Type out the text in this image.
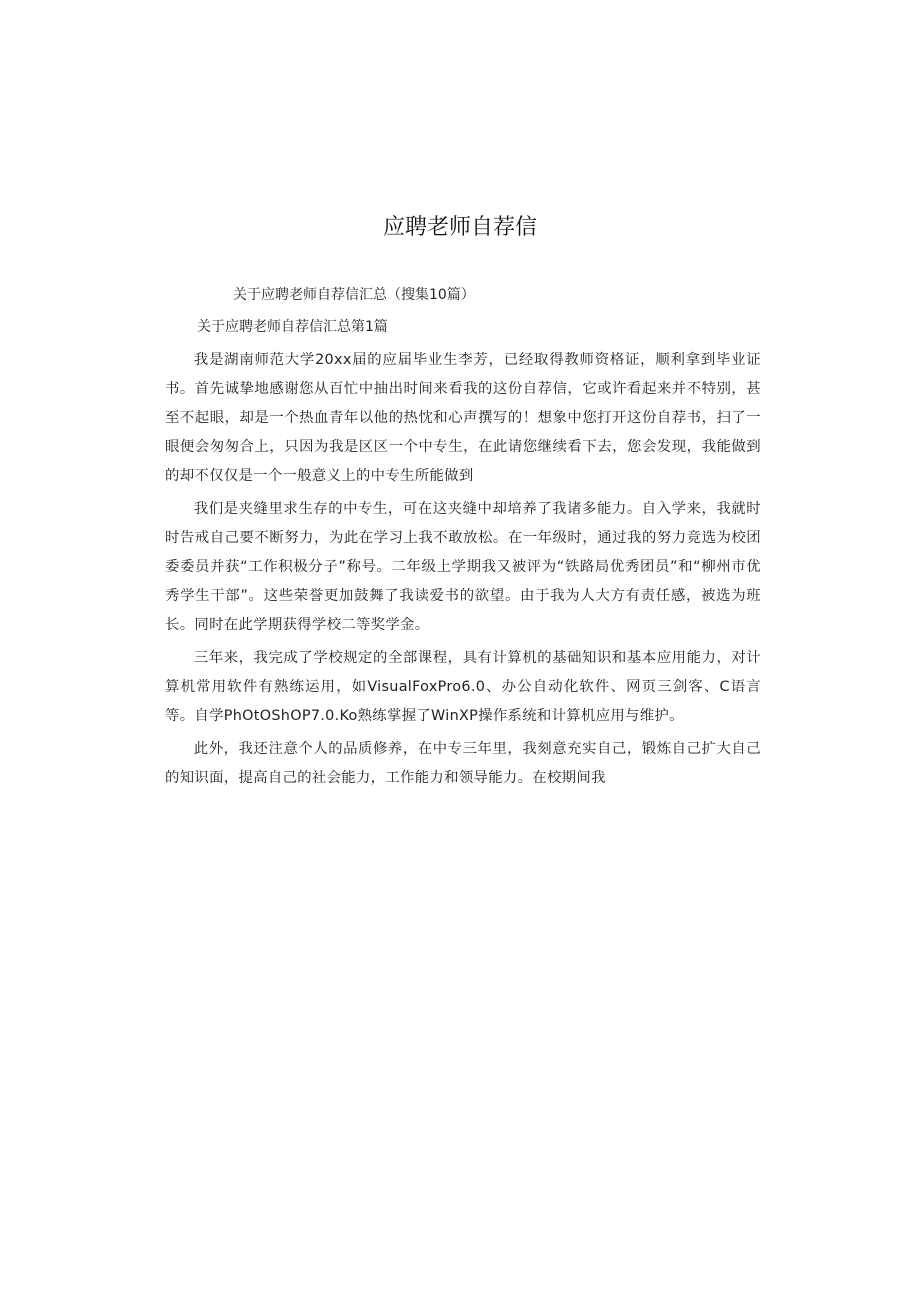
应聘老师自荐信

关于应聘老师自荐信汇总（搜集10篇）

关于应聘老师自荐信汇总第1篇

我是湖南师范大学20xx届的应届毕业生李芳，已经取得教师资格证，顺利拿到毕业证书。首先诚挚地感谢您从百忙中抽出时间来看我的这份自荐信，它或许看起来并不特别，甚至不起眼，却是一个热血青年以他的热忱和心声撰写的！想象中您打开这份自荐书，扫了一眼便会匆匆合上，只因为我是区区一个中专生，在此请您继续看下去，您会发现，我能做到的却不仅仅是一个一般意义上的中专生所能做到

我们是夹缝里求生存的中专生，可在这夹缝中却培养了我诸多能力。自入学来，我就时时告戒自己要不断努力，为此在学习上我不敢放松。在一年级时，通过我的努力竞选为校团委委员并获“工作积极分子”称号。二年级上学期我又被评为“铁路局优秀团员”和“柳州市优秀学生干部”。这些荣誉更加鼓舞了我读爱书的欲望。由于我为人大方有责任感，被选为班长。同时在此学期获得学校二等奖学金。

三年来，我完成了学校规定的全部课程，具有计算机的基础知识和基本应用能力，对计算机常用软件有熟练运用，如VisualFoxPro6.0、办公自动化软件、网页三剑客、C语言等。自学PhOtOShOP7.0.Ko熟练掌握了WinXP操作系统和计算机应用与维护。

此外，我还注意个人的品质修养，在中专三年里，我刻意充实自己，锻炼自己扩大自己的知识面，提高自己的社会能力，工作能力和领导能力。在校期间我
